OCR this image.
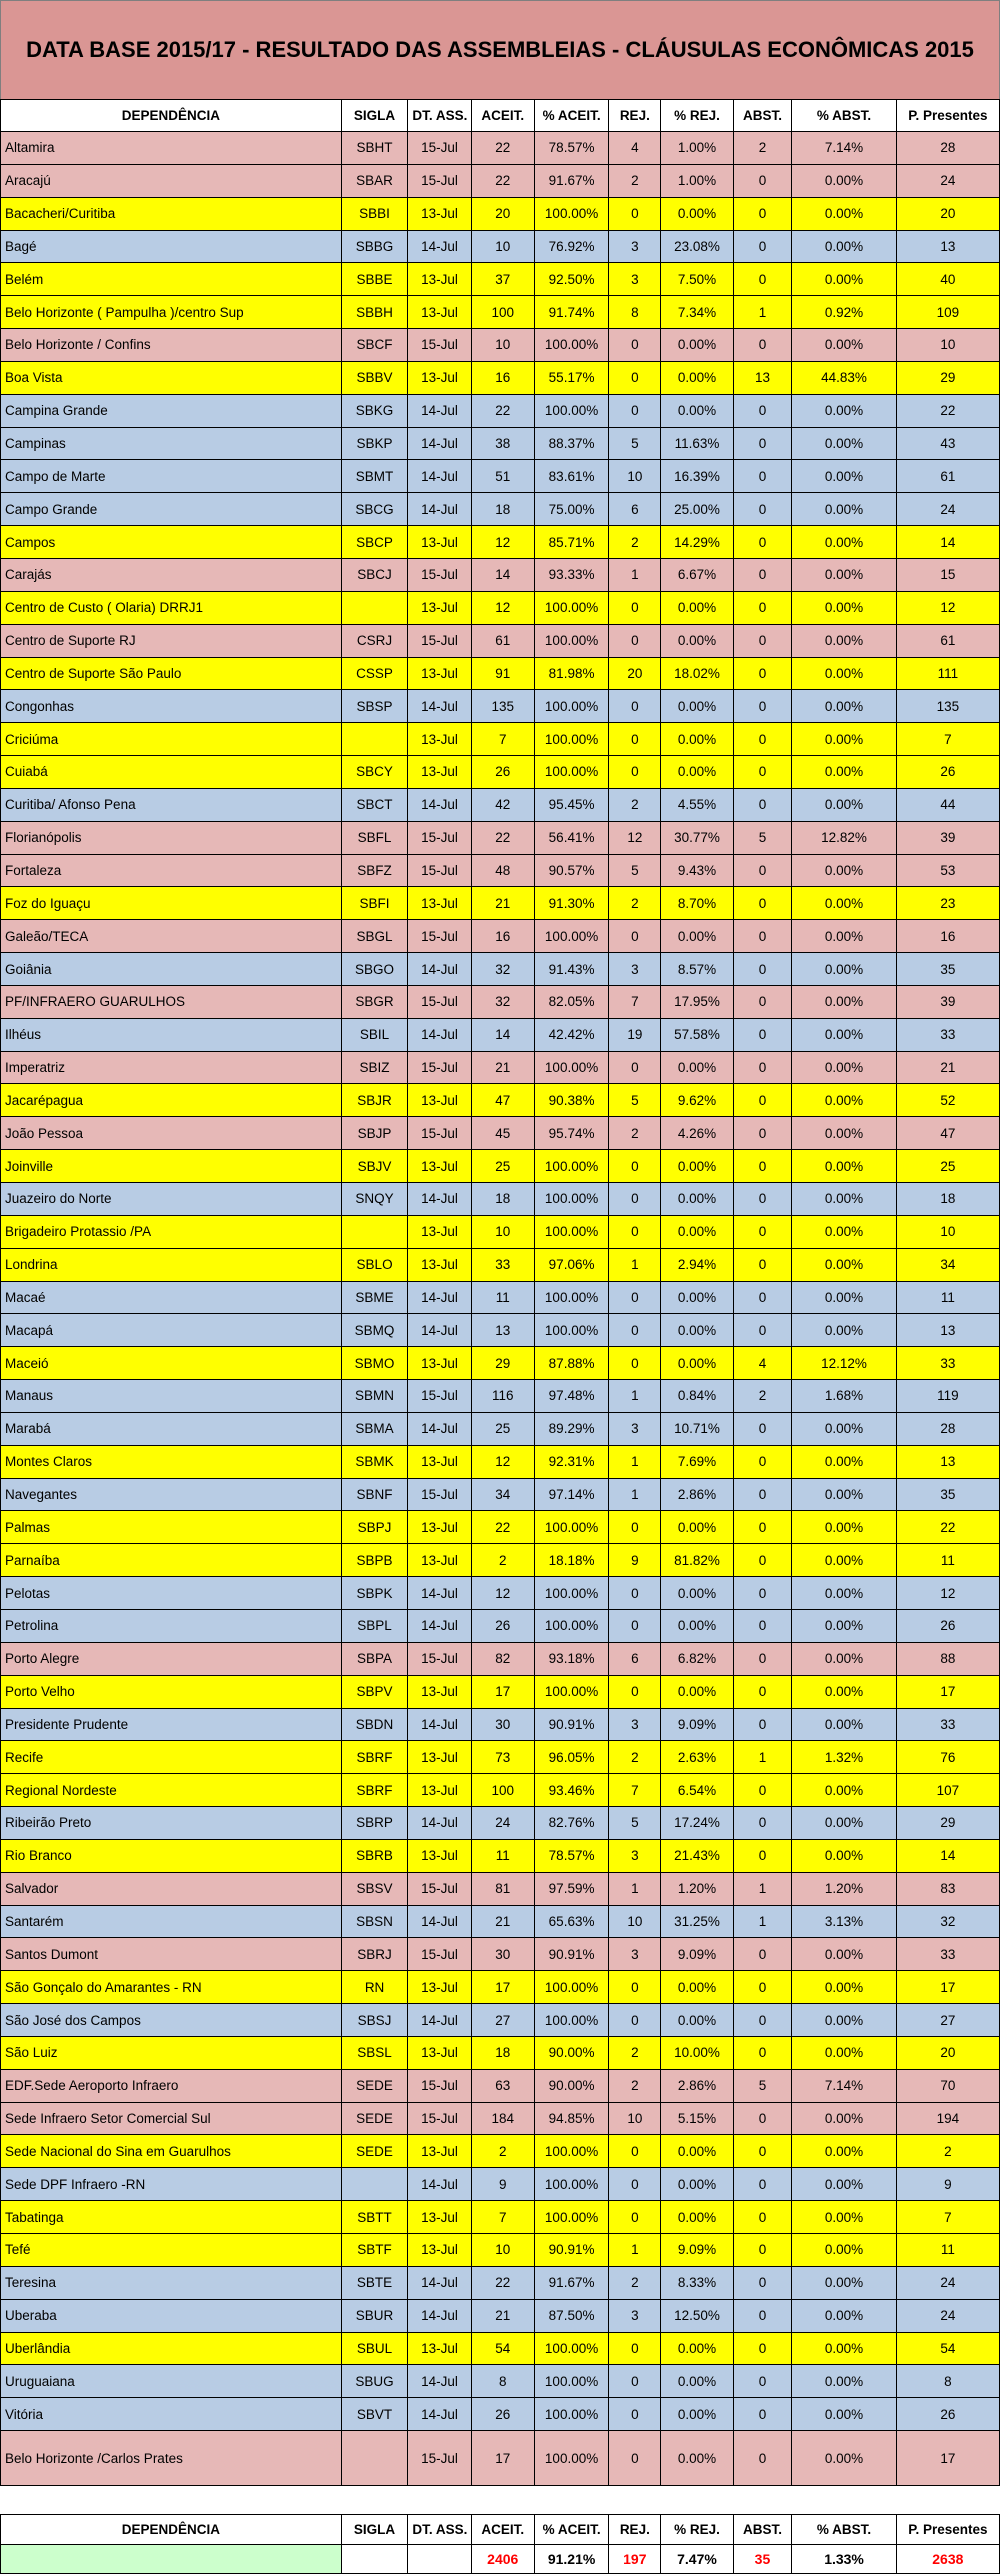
DATA BASE 2015/17 - RESULTADO DAS ASSEMBLEIAS - CLÁUSULAS ECONÔMICAS 2015
DEPENDÊNCIA	SIGLA	DT. ASS.	ACEIT.	% ACEIT.	REJ.	% REJ.	ABST.	% ABST.	P. Presentes
Altamira	SBHT	15-Jul	22	78.57%	4	1.00%	2	7.14%	28
Aracajú	SBAR	15-Jul	22	91.67%	2	1.00%	0	0.00%	24
Bacacheri/Curitiba	SBBI	13-Jul	20	100.00%	0	0.00%	0	0.00%	20
Bagé	SBBG	14-Jul	10	76.92%	3	23.08%	0	0.00%	13
Belém	SBBE	13-Jul	37	92.50%	3	7.50%	0	0.00%	40
Belo Horizonte ( Pampulha )/centro Sup	SBBH	13-Jul	100	91.74%	8	7.34%	1	0.92%	109
Belo Horizonte / Confins	SBCF	15-Jul	10	100.00%	0	0.00%	0	0.00%	10
Boa Vista	SBBV	13-Jul	16	55.17%	0	0.00%	13	44.83%	29
Campina Grande	SBKG	14-Jul	22	100.00%	0	0.00%	0	0.00%	22
Campinas	SBKP	14-Jul	38	88.37%	5	11.63%	0	0.00%	43
Campo de Marte	SBMT	14-Jul	51	83.61%	10	16.39%	0	0.00%	61
Campo Grande	SBCG	14-Jul	18	75.00%	6	25.00%	0	0.00%	24
Campos	SBCP	13-Jul	12	85.71%	2	14.29%	0	0.00%	14
Carajás	SBCJ	15-Jul	14	93.33%	1	6.67%	0	0.00%	15
Centro de Custo ( Olaria) DRRJ1		13-Jul	12	100.00%	0	0.00%	0	0.00%	12
Centro de Suporte RJ	CSRJ	15-Jul	61	100.00%	0	0.00%	0	0.00%	61
Centro de Suporte São Paulo	CSSP	13-Jul	91	81.98%	20	18.02%	0	0.00%	111
Congonhas	SBSP	14-Jul	135	100.00%	0	0.00%	0	0.00%	135
Criciúma		13-Jul	7	100.00%	0	0.00%	0	0.00%	7
Cuiabá	SBCY	13-Jul	26	100.00%	0	0.00%	0	0.00%	26
Curitiba/ Afonso Pena	SBCT	14-Jul	42	95.45%	2	4.55%	0	0.00%	44
Florianópolis	SBFL	15-Jul	22	56.41%	12	30.77%	5	12.82%	39
Fortaleza	SBFZ	15-Jul	48	90.57%	5	9.43%	0	0.00%	53
Foz do Iguaçu	SBFI	13-Jul	21	91.30%	2	8.70%	0	0.00%	23
Galeão/TECA	SBGL	15-Jul	16	100.00%	0	0.00%	0	0.00%	16
Goiânia	SBGO	14-Jul	32	91.43%	3	8.57%	0	0.00%	35
PF/INFRAERO GUARULHOS	SBGR	15-Jul	32	82.05%	7	17.95%	0	0.00%	39
Ilhéus	SBIL	14-Jul	14	42.42%	19	57.58%	0	0.00%	33
Imperatriz	SBIZ	15-Jul	21	100.00%	0	0.00%	0	0.00%	21
Jacarépagua	SBJR	13-Jul	47	90.38%	5	9.62%	0	0.00%	52
João Pessoa	SBJP	15-Jul	45	95.74%	2	4.26%	0	0.00%	47
Joinville	SBJV	13-Jul	25	100.00%	0	0.00%	0	0.00%	25
Juazeiro do Norte	SNQY	14-Jul	18	100.00%	0	0.00%	0	0.00%	18
Brigadeiro Protassio /PA		13-Jul	10	100.00%	0	0.00%	0	0.00%	10
Londrina	SBLO	13-Jul	33	97.06%	1	2.94%	0	0.00%	34
Macaé	SBME	14-Jul	11	100.00%	0	0.00%	0	0.00%	11
Macapá	SBMQ	14-Jul	13	100.00%	0	0.00%	0	0.00%	13
Maceió	SBMO	13-Jul	29	87.88%	0	0.00%	4	12.12%	33
Manaus	SBMN	15-Jul	116	97.48%	1	0.84%	2	1.68%	119
Marabá	SBMA	14-Jul	25	89.29%	3	10.71%	0	0.00%	28
Montes Claros	SBMK	13-Jul	12	92.31%	1	7.69%	0	0.00%	13
Navegantes	SBNF	15-Jul	34	97.14%	1	2.86%	0	0.00%	35
Palmas	SBPJ	13-Jul	22	100.00%	0	0.00%	0	0.00%	22
Parnaíba	SBPB	13-Jul	2	18.18%	9	81.82%	0	0.00%	11
Pelotas	SBPK	14-Jul	12	100.00%	0	0.00%	0	0.00%	12
Petrolina	SBPL	14-Jul	26	100.00%	0	0.00%	0	0.00%	26
Porto Alegre	SBPA	15-Jul	82	93.18%	6	6.82%	0	0.00%	88
Porto Velho	SBPV	13-Jul	17	100.00%	0	0.00%	0	0.00%	17
Presidente Prudente	SBDN	14-Jul	30	90.91%	3	9.09%	0	0.00%	33
Recife	SBRF	13-Jul	73	96.05%	2	2.63%	1	1.32%	76
Regional Nordeste	SBRF	13-Jul	100	93.46%	7	6.54%	0	0.00%	107
Ribeirão Preto	SBRP	14-Jul	24	82.76%	5	17.24%	0	0.00%	29
Rio Branco	SBRB	13-Jul	11	78.57%	3	21.43%	0	0.00%	14
Salvador	SBSV	15-Jul	81	97.59%	1	1.20%	1	1.20%	83
Santarém	SBSN	14-Jul	21	65.63%	10	31.25%	1	3.13%	32
Santos Dumont	SBRJ	15-Jul	30	90.91%	3	9.09%	0	0.00%	33
São Gonçalo do Amarantes - RN	RN	13-Jul	17	100.00%	0	0.00%	0	0.00%	17
São José dos Campos	SBSJ	14-Jul	27	100.00%	0	0.00%	0	0.00%	27
São Luiz	SBSL	13-Jul	18	90.00%	2	10.00%	0	0.00%	20
EDF.Sede Aeroporto Infraero	SEDE	15-Jul	63	90.00%	2	2.86%	5	7.14%	70
Sede Infraero Setor Comercial Sul	SEDE	15-Jul	184	94.85%	10	5.15%	0	0.00%	194
Sede Nacional do Sina em Guarulhos	SEDE	13-Jul	2	100.00%	0	0.00%	0	0.00%	2
Sede DPF Infraero -RN		14-Jul	9	100.00%	0	0.00%	0	0.00%	9
Tabatinga	SBTT	13-Jul	7	100.00%	0	0.00%	0	0.00%	7
Tefé	SBTF	13-Jul	10	90.91%	1	9.09%	0	0.00%	11
Teresina	SBTE	14-Jul	22	91.67%	2	8.33%	0	0.00%	24
Uberaba	SBUR	14-Jul	21	87.50%	3	12.50%	0	0.00%	24
Uberlândia	SBUL	13-Jul	54	100.00%	0	0.00%	0	0.00%	54
Uruguaiana	SBUG	14-Jul	8	100.00%	0	0.00%	0	0.00%	8
Vitória	SBVT	14-Jul	26	100.00%	0	0.00%	0	0.00%	26
Belo Horizonte /Carlos Prates		15-Jul	17	100.00%	0	0.00%	0	0.00%	17
DEPENDÊNCIA	SIGLA	DT. ASS.	ACEIT.	% ACEIT.	REJ.	% REJ.	ABST.	% ABST.	P. Presentes
			2406	91.21%	197	7.47%	35	1.33%	2638
